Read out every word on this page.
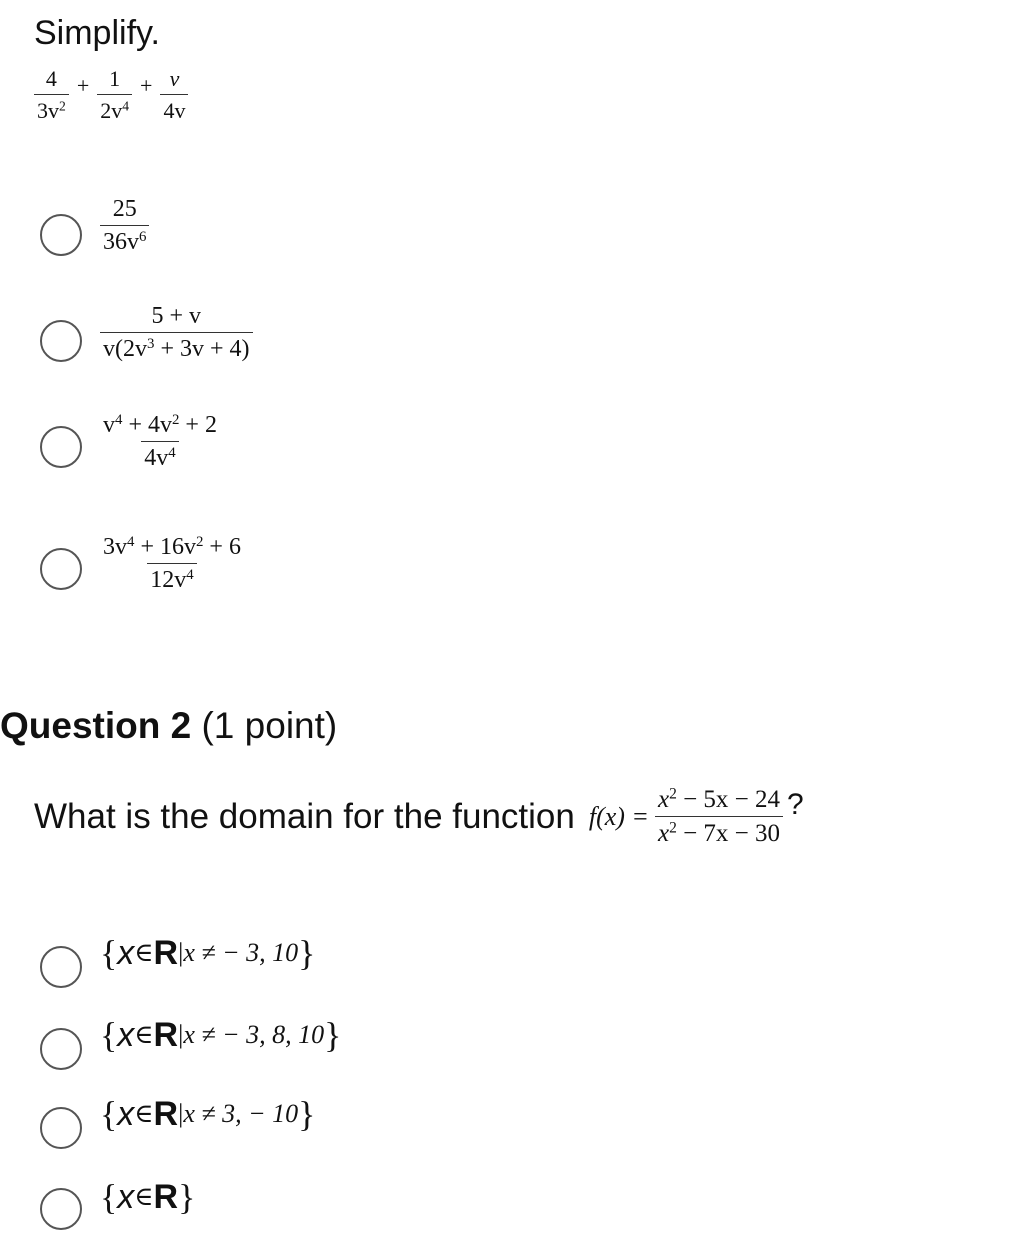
Simplify.
$\frac{4}{3v^2} + \frac{1}{2v^4} + \frac{v}{4v}$
$\frac{25}{36v^6}$
$\frac{5 + v}{v(2v^3 + 3v + 4)}$
$\frac{v^4 + 4v^2 + 2}{4v^4}$
$\frac{3v^4 + 16v^2 + 6}{12v^4}$
Question 2 (1 point)
What is the domain for the function $f(x) = \frac{x^2 - 5x - 24}{x^2 - 7x - 30}$ ?
{ x ∈ R | x ≠ − 3, 10 }
{ x ∈ R | x ≠ − 3, 8, 10 }
{ x ∈ R | x ≠ 3, − 10 }
{ x ∈ R }
